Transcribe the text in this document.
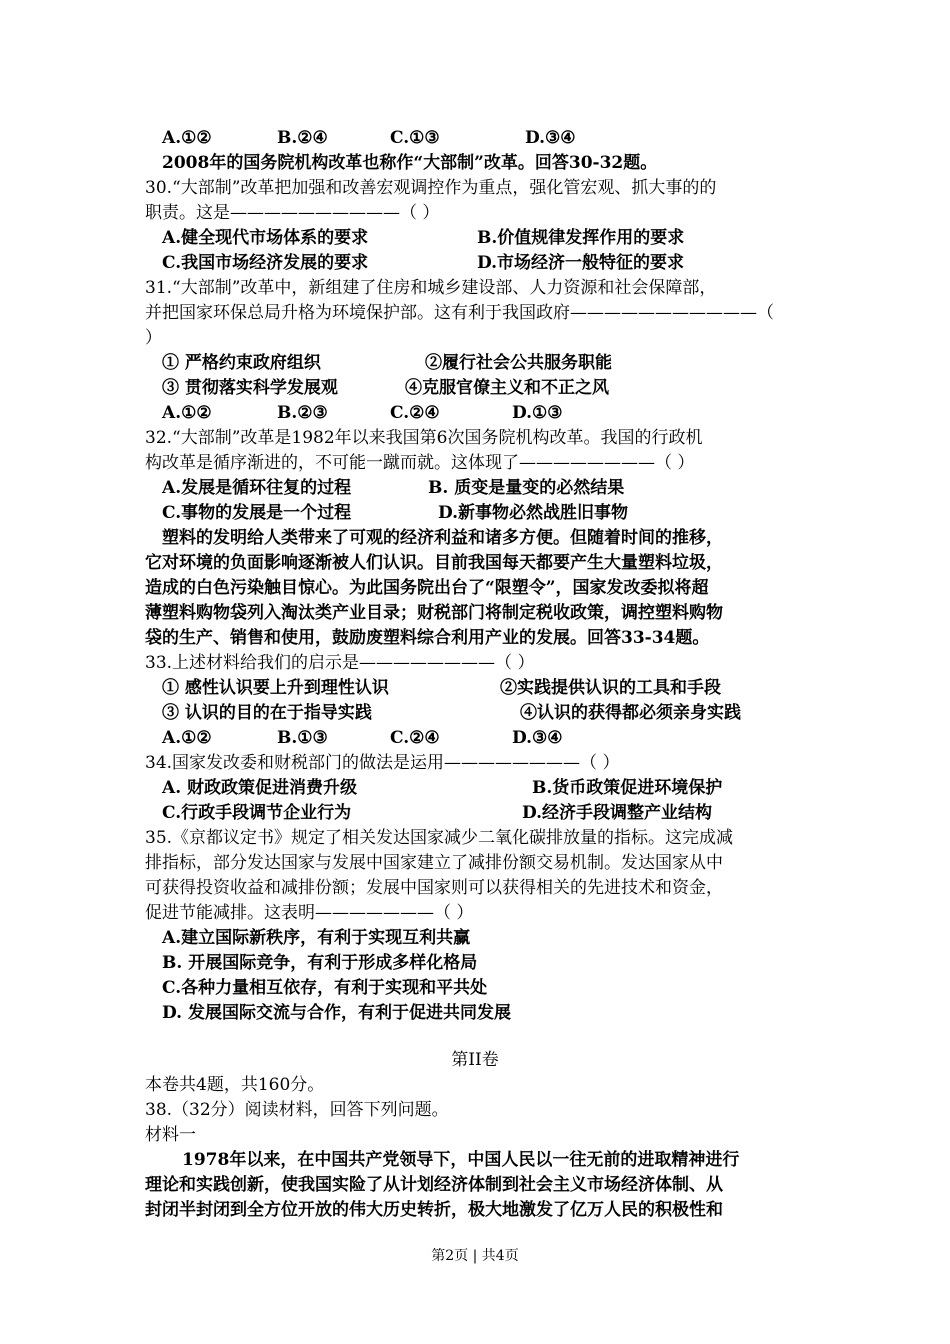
A.①②	B.②④	C.①③	D.③④
2008年的国务院机构改革也称作“大部制”改革。回答30-32题。
30.“大部制”改革把加强和改善宏观调控作为重点，强化管宏观、抓大事的的
职责。这是——————————（ ）
A.健全现代市场体系的要求	B.价值规律发挥作用的要求
C.我国市场经济发展的要求	D.市场经济一般特征的要求
31.“大部制”改革中，新组建了住房和城乡建设部、人力资源和社会保障部，
并把国家环保总局升格为环境保护部。这有利于我国政府———————————（
）
① 严格约束政府组织	②履行社会公共服务职能
③ 贯彻落实科学发展观	④克服官僚主义和不正之风
A.①②	B.②③	C.②④	D.①③
32.“大部制”改革是1982年以来我国第6次国务院机构改革。我国的行政机
构改革是循序渐进的，不可能一蹴而就。这体现了————————（ ）
A.发展是循环往复的过程	B. 质变是量变的必然结果
C.事物的发展是一个过程	D.新事物必然战胜旧事物
塑料的发明给人类带来了可观的经济利益和诸多方便。但随着时间的推移，
它对环境的负面影响逐渐被人们认识。目前我国每天都要产生大量塑料垃圾，
造成的白色污染触目惊心。为此国务院出台了“限塑令”，国家发改委拟将超
薄塑料购物袋列入淘汰类产业目录；财税部门将制定税收政策，调控塑料购物
袋的生产、销售和使用，鼓励废塑料综合利用产业的发展。回答33-34题。
33.上述材料给我们的启示是————————（ ）
① 感性认识要上升到理性认识	②实践提供认识的工具和手段
③ 认识的目的在于指导实践	④认识的获得都必须亲身实践
A.①②	B.①③	C.②④	D.③④
34.国家发改委和财税部门的做法是运用————————（ ）
A. 财政政策促进消费升级	B.货币政策促进环境保护
C.行政手段调节企业行为	D.经济手段调整产业结构
35.《京都议定书》规定了相关发达国家减少二氧化碳排放量的指标。这完成减
排指标，部分发达国家与发展中国家建立了减排份额交易机制。发达国家从中
可获得投资收益和减排份额；发展中国家则可以获得相关的先进技术和资金，
促进节能减排。这表明———————（ ）
A.建立国际新秩序，有利于实现互利共赢
B. 开展国际竞争，有利于形成多样化格局
C.各种力量相互依存，有利于实现和平共处
D. 发展国际交流与合作，有利于促进共同发展
第II卷
本卷共4题，共160分。
38.（32分）阅读材料，回答下列问题。
材料一
1978年以来，在中国共产党领导下，中国人民以一往无前的进取精神进行
理论和实践创新，使我国实险了从计划经济体制到社会主义市场经济体制、从
封闭半封闭到全方位开放的伟大历史转折，极大地激发了亿万人民的积极性和
第2页 | 共4页
